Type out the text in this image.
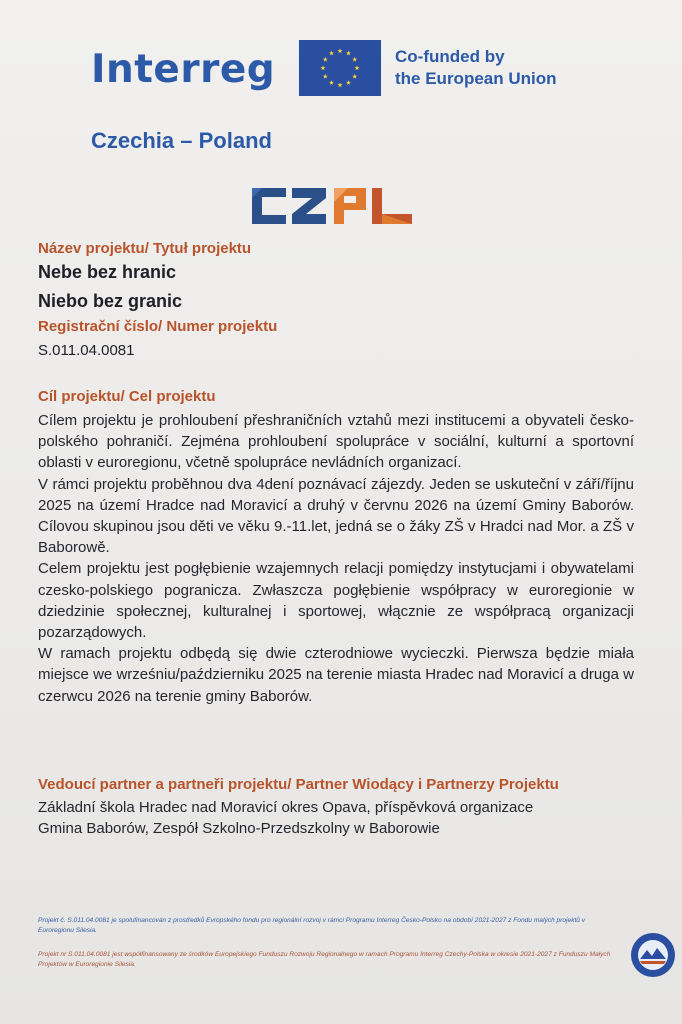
Interreg	Co-funded by
the European Union
Czechia – Poland
Název projektu/ Tytuł projektu
Nebe bez hranic
Niebo bez granic
Registrační číslo/ Numer projektu
S.011.04.0081
Cíl projektu/ Cel projektu

Cílem projektu je prohloubení přeshraničních vztahů mezi institucemi a obyvateli česko-polského pohraničí. Zejména prohloubení spolupráce v sociální, kulturní a sportovní oblasti v euroregionu, včetně spolupráce nevládních organizací.

V rámci projektu proběhnou dva 4dení poznávací zájezdy. Jeden se uskuteční v září/říjnu 2025 na území Hradce nad Moravicí a druhý v červnu 2026 na území Gminy Baborów. Cílovou skupinou jsou děti ve věku 9.-11.let, jedná se o žáky ZŠ v Hradci nad Mor. a ZŠ v Baborowě.

Celem projektu jest pogłębienie wzajemnych relacji pomiędzy instytucjami i obywatelami czesko-polskiego pogranicza. Zwłaszcza pogłębienie współpracy w euroregionie w dziedzinie społecznej, kulturalnej i sportowej, włącznie ze współpracą organizacji pozarządowych.

W ramach projektu odbędą się dwie czterodniowe wycieczki. Pierwsza będzie miała miejsce we wrześniu/październiku 2025 na terenie miasta Hradec nad Moravicí a druga w czerwcu 2026 na terenie gminy Baborów.

Vedoucí partner a partneři projektu/ Partner Wiodący i Partnerzy Projektu

Základní škola Hradec nad Moravicí okres Opava, příspěvková organizace

Gmina Baborów, Zespół Szkolno-Przedszkolny w Baborowie

Projekt č. S.011.04.0081 je spolufinancován z prostředků Evropského fondu pro regionální rozvoj v rámci Programu Interreg Česko-Polsko na období 2021-2027 z Fondu malých projektů v Euroregionu Silesia.
Projekt nr S.011.04.0081 jest współfinansowany ze środków Europejskiego Funduszu Rozwoju Regionalnego w ramach Programu Interreg Czechy-Polska w okresie 2021-2027 z Funduszu Małych Projektów w Euroregionie Silesia.
